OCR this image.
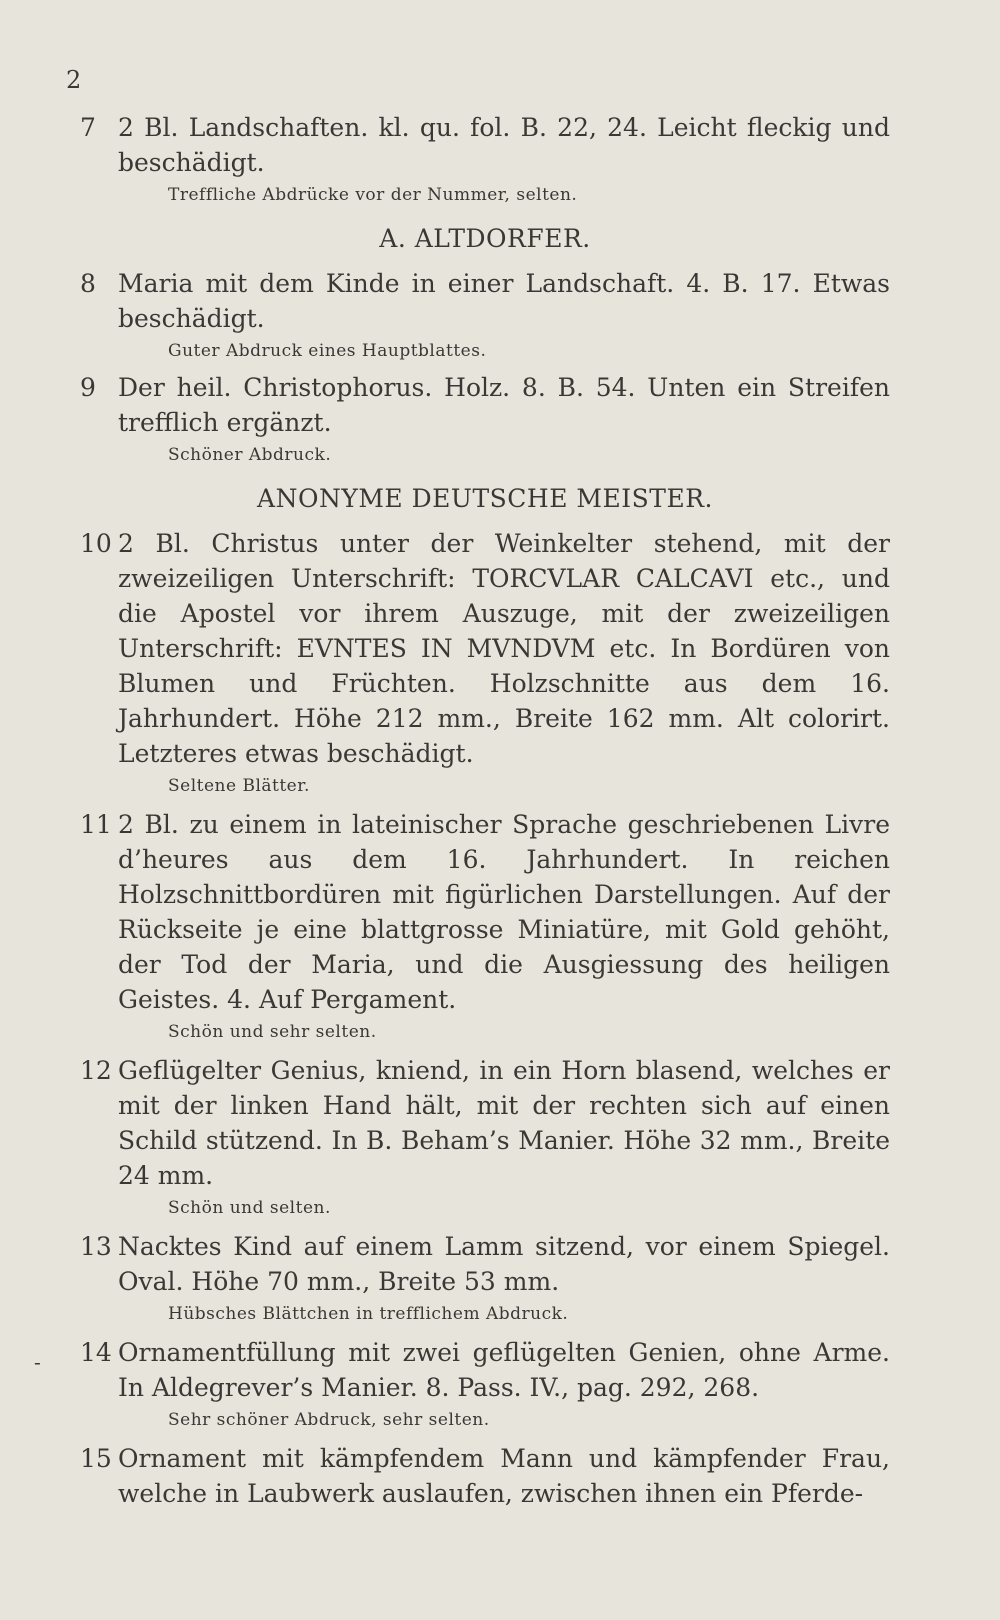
2
7 2 Bl. Landschaften. kl. qu. fol. B. 22, 24. Leicht fleckig und beschädigt.
Treffliche Abdrücke vor der Nummer, selten.
A. ALTDORFER.
8 Maria mit dem Kinde in einer Landschaft. 4. B. 17. Etwas beschädigt.
Guter Abdruck eines Hauptblattes.
9 Der heil. Christophorus. Holz. 8. B. 54. Unten ein Streifen trefflich ergänzt.
Schöner Abdruck.
ANONYME DEUTSCHE MEISTER.
10 2 Bl. Christus unter der Weinkelter stehend, mit der zweizeiligen Unterschrift: TORCVLAR CALCAVI etc., und die Apostel vor ihrem Auszuge, mit der zweizeiligen Unterschrift: EVNTES IN MVNDVM etc. In Bordüren von Blumen und Früchten. Holzschnitte aus dem 16. Jahrhundert. Höhe 212 mm., Breite 162 mm. Alt colorirt. Letzteres etwas beschädigt.
Seltene Blätter.
11 2 Bl. zu einem in lateinischer Sprache geschriebenen Livre d’heures aus dem 16. Jahrhundert. In reichen Holzschnittbordüren mit figürlichen Darstellungen. Auf der Rückseite je eine blattgrosse Miniatüre, mit Gold gehöht, der Tod der Maria, und die Ausgiessung des heiligen Geistes. 4. Auf Pergament.
Schön und sehr selten.
12 Geflügelter Genius, kniend, in ein Horn blasend, welches er mit der linken Hand hält, mit der rechten sich auf einen Schild stützend. In B. Beham’s Manier. Höhe 32 mm., Breite 24 mm.
Schön und selten.
13 Nacktes Kind auf einem Lamm sitzend, vor einem Spiegel. Oval. Höhe 70 mm., Breite 53 mm.
Hübsches Blättchen in trefflichem Abdruck.
14 Ornamentfüllung mit zwei geflügelten Genien, ohne Arme. In Aldegrever’s Manier. 8. Pass. IV., pag. 292, 268.
Sehr schöner Abdruck, sehr selten.
15 Ornament mit kämpfendem Mann und kämpfender Frau, welche in Laubwerk auslaufen, zwischen ihnen ein Pferde-
-
